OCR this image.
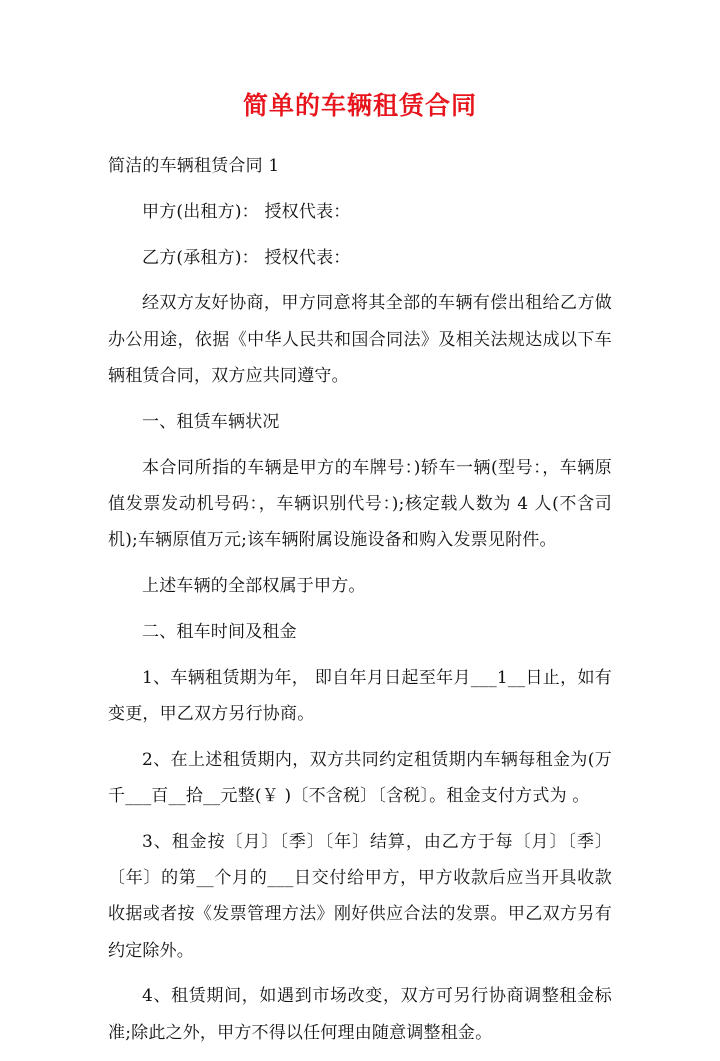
简单的车辆租赁合同

简洁的车辆租赁合同 1

甲方(出租方)： 授权代表：

乙方(承租方)： 授权代表：

经双方友好协商，甲方同意将其全部的车辆有偿出租给乙方做办公用途，依据《中华人民共和国合同法》及相关法规达成以下车辆租赁合同，双方应共同遵守。

一、租赁车辆状况

本合同所指的车辆是甲方的车牌号：)轿车一辆(型号：，车辆原值发票发动机号码：，车辆识别代号：);核定载人数为 4 人(不含司机);车辆原值万元;该车辆附属设施设备和购入发票见附件。

上述车辆的全部权属于甲方。

二、租车时间及租金

1、车辆租赁期为年， 即自年月日起至年月___1__日止，如有变更，甲乙双方另行协商。

2、在上述租赁期内，双方共同约定租赁期内车辆每租金为(万千___百__拾__元整(￥ )〔不含税〕〔含税〕。租金支付方式为 。

3、租金按〔月〕〔季〕〔年〕结算，由乙方于每〔月〕〔季〕〔年〕的第__个月的___日交付给甲方，甲方收款后应当开具收款收据或者按《发票管理方法》刚好供应合法的发票。甲乙双方另有约定除外。

4、租赁期间，如遇到市场改变，双方可另行协商调整租金标准;除此之外，甲方不得以任何理由随意调整租金。
